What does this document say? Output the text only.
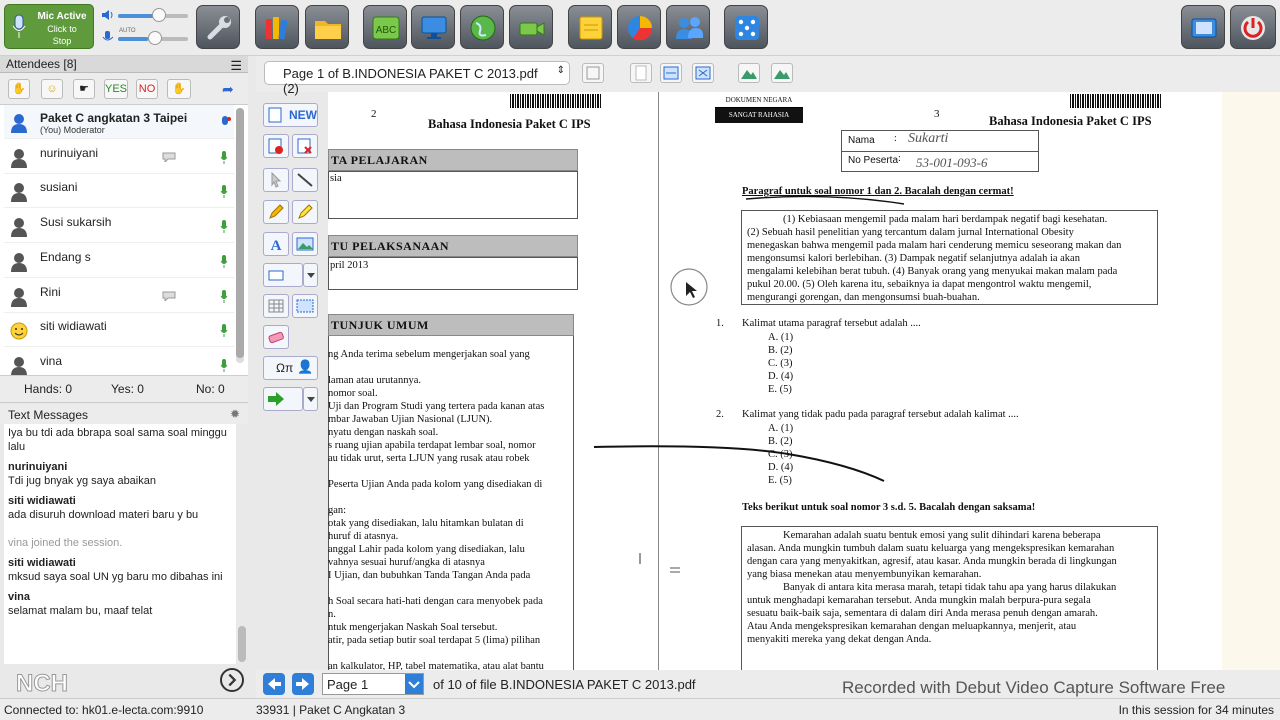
Mic Active
Click to
Stop
AUTO	ABC
Attendees [8]	☰
✋	☺	☛	YES NO	✋	➦
Paket C angkatan 3 Taipei
(You) Moderator
nurinuiyani
susiani
Susi sukarsih
Endang s
Rini
siti widiawati
vina
Hands: 0	Yes: 0	No: 0
Text Messages	✹
Iya bu tdi ada bbrapa soal sama soal minggu lalu
nurinuiyani
Tdi jug bnyak yg saya abaikan
siti widiawati
ada disuruh download materi baru y bu
vina joined the session.
siti widiawati
mksud saya soal UN yg baru mo dibahas ini
vina
selamat malam bu, maaf telat
NCH
Page 1 of B.INDONESIA PAKET C 2013.pdf (2)
⇕
NEW
A
Ωπ 👤
2
Bahasa Indonesia Paket C IPS
TA PELAJARAN
sia
TU PELAKSANAAN
pril 2013
TUNJUK UMUM
ng Anda terima sebelum mengerjakan soal yang
laman atau urutannya.
nomor soal.
Uji dan Program Studi yang tertera pada kanan atas
mbar Jawaban Ujian Nasional (LJUN).
nyatu dengan naskah soal.
s ruang ujian apabila terdapat lembar soal, nomor
au tidak urut, serta LJUN yang rusak atau robek
Peserta Ujian Anda pada kolom yang disediakan di
gan:
otak yang disediakan, lalu hitamkan bulatan di
huruf di atasnya.
anggal Lahir pada kolom yang disediakan, lalu
vahnya sesuai huruf/angka di atasnya
I Ujian, dan bubuhkan Tanda Tangan Anda pada
h Soal secara hati-hati dengan cara menyobek pada
n.
ntuk mengerjakan Naskah Soal tersebut.
atir, pada setiap butir soal terdapat 5 (lima) pilihan
an kalkulator, HP, tabel matematika, atau alat bantu
DOKUMEN NEGARA
SANGAT RAHASIA	3	Bahasa Indonesia Paket C IPS
Nama : Sukarti
No Peserta : 53-001-093-6
Paragraf untuk soal nomor 1 dan 2. Bacalah dengan cermat!
(1) Kebiasaan mengemil pada malam hari berdampak negatif bagi kesehatan.
(2) Sebuah hasil penelitian yang tercantum dalam jurnal International Obesity
menegaskan bahwa mengemil pada malam hari cenderung memicu seseorang makan dan
mengonsumsi kalori berlebihan. (3) Dampak negatif selanjutnya adalah ia akan
mengalami kelebihan berat tubuh. (4) Banyak orang yang menyukai makan malam pada
pukul 20.00. (5) Oleh karena itu, sebaiknya ia dapat mengontrol waktu mengemil,
mengurangi gorengan, dan mengonsumsi buah-buahan.
1. Kalimat utama paragraf tersebut adalah ....
A. (1)
B. (2)
C. (3)
D. (4)
E. (5)
2. Kalimat yang tidak padu pada paragraf tersebut adalah kalimat ....
A. (1)
B. (2)
C. (3)
D. (4)
E. (5)
Teks berikut untuk soal nomor 3 s.d. 5. Bacalah dengan saksama!
Kemarahan adalah suatu bentuk emosi yang sulit dihindari karena beberapa
alasan. Anda mungkin tumbuh dalam suatu keluarga yang mengekspresikan kemarahan
dengan cara yang menyakitkan, agresif, atau kasar. Anda mungkin berada di lingkungan
yang biasa menekan atau menyembunyikan kemarahan.
Banyak di antara kita merasa marah, tetapi tidak tahu apa yang harus dilakukan
untuk menghadapi kemarahan tersebut. Anda mungkin malah berpura-pura segala
sesuatu baik-baik saja, sementara di dalam diri Anda merasa penuh dengan amarah.
Atau Anda mengekspresikan kemarahan dengan meluapkannya, menjerit, atau
menyakiti mereka yang dekat dengan Anda.
Page 1	of 10 of file B.INDONESIA PAKET C 2013.pdf	Recorded with Debut Video Capture Software Free
Connected to: hk01.e-lecta.com:9910	33931 | Paket C Angkatan 3	In this session for 34 minutes
